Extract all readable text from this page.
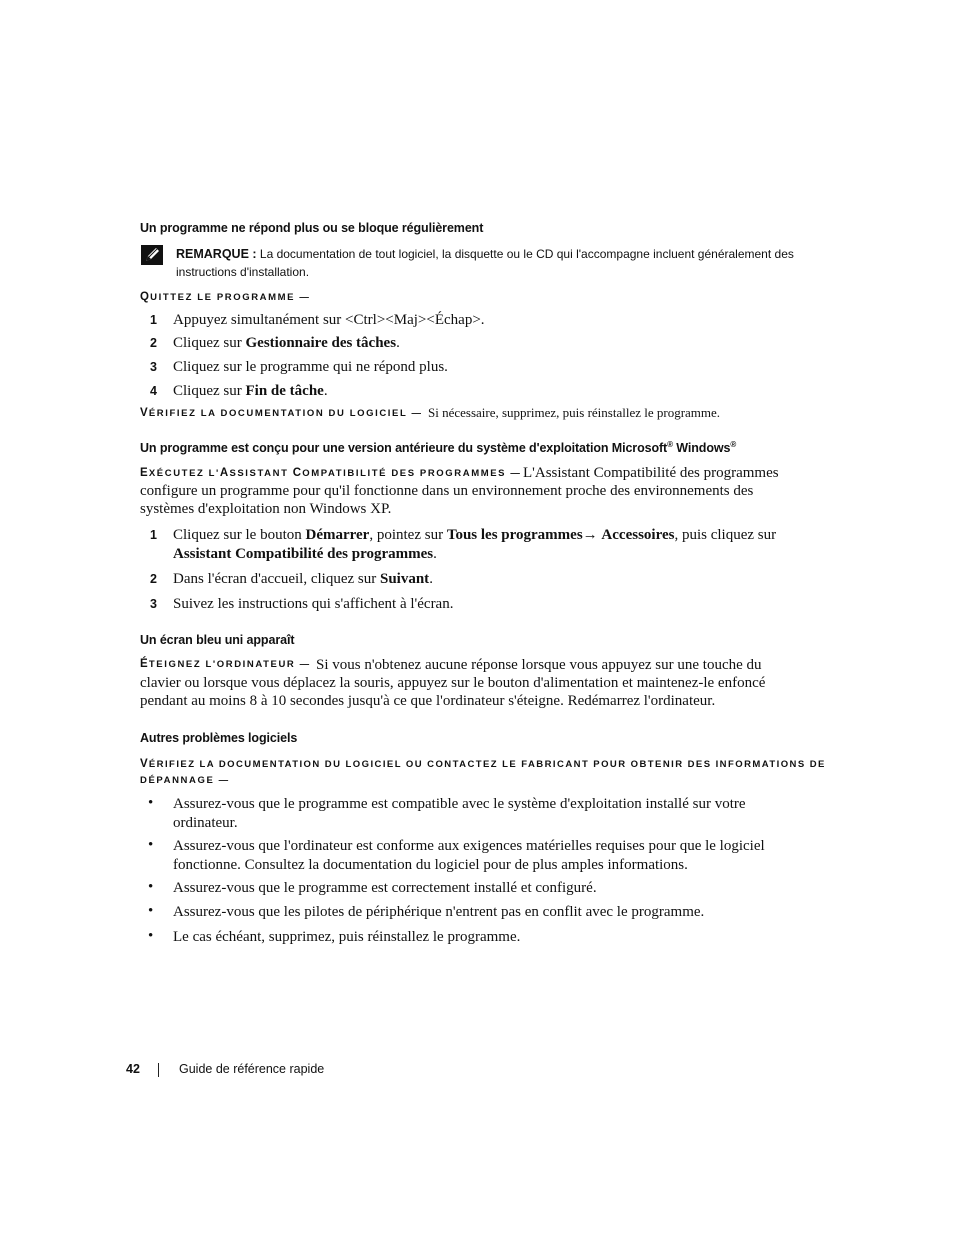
Un programme ne répond plus ou se bloque régulièrement
REMARQUE : La documentation de tout logiciel, la disquette ou le CD qui l'accompagne incluent généralement des instructions d'installation.
QUITTEZ LE PROGRAMME —
1 Appuyez simultanément sur <Ctrl><Maj><Échap>.
2 Cliquez sur Gestionnaire des tâches.
3 Cliquez sur le programme qui ne répond plus.
4 Cliquez sur Fin de tâche.
VÉRIFIEZ LA DOCUMENTATION DU LOGICIEL — Si nécessaire, supprimez, puis réinstallez le programme.
Un programme est conçu pour une version antérieure du système d'exploitation Microsoft® Windows®
EXÉCUTEZ L'ASSISTANT COMPATIBILITÉ DES PROGRAMMES — L'Assistant Compatibilité des programmes
configure un programme pour qu'il fonctionne dans un environnement proche des environnements des
systèmes d'exploitation non Windows XP.
1 Cliquez sur le bouton Démarrer, pointez sur Tous les programmes→ Accessoires, puis cliquez sur
Assistant Compatibilité des programmes.
2 Dans l'écran d'accueil, cliquez sur Suivant.
3 Suivez les instructions qui s'affichent à l'écran.
Un écran bleu uni apparaît
ÉTEIGNEZ L'ORDINATEUR — Si vous n'obtenez aucune réponse lorsque vous appuyez sur une touche du
clavier ou lorsque vous déplacez la souris, appuyez sur le bouton d'alimentation et maintenez-le enfoncé
pendant au moins 8 à 10 secondes jusqu'à ce que l'ordinateur s'éteigne. Redémarrez l'ordinateur.
Autres problèmes logiciels
VÉRIFIEZ LA DOCUMENTATION DU LOGICIEL OU CONTACTEZ LE FABRICANT POUR OBTENIR DES INFORMATIONS DE
DÉPANNAGE —
• Assurez-vous que le programme est compatible avec le système d'exploitation installé sur votre
ordinateur.
• Assurez-vous que l'ordinateur est conforme aux exigences matérielles requises pour que le logiciel
fonctionne. Consultez la documentation du logiciel pour de plus amples informations.
• Assurez-vous que le programme est correctement installé et configuré.
• Assurez-vous que les pilotes de périphérique n'entrent pas en conflit avec le programme.
• Le cas échéant, supprimez, puis réinstallez le programme.
42	Guide de référence rapide
